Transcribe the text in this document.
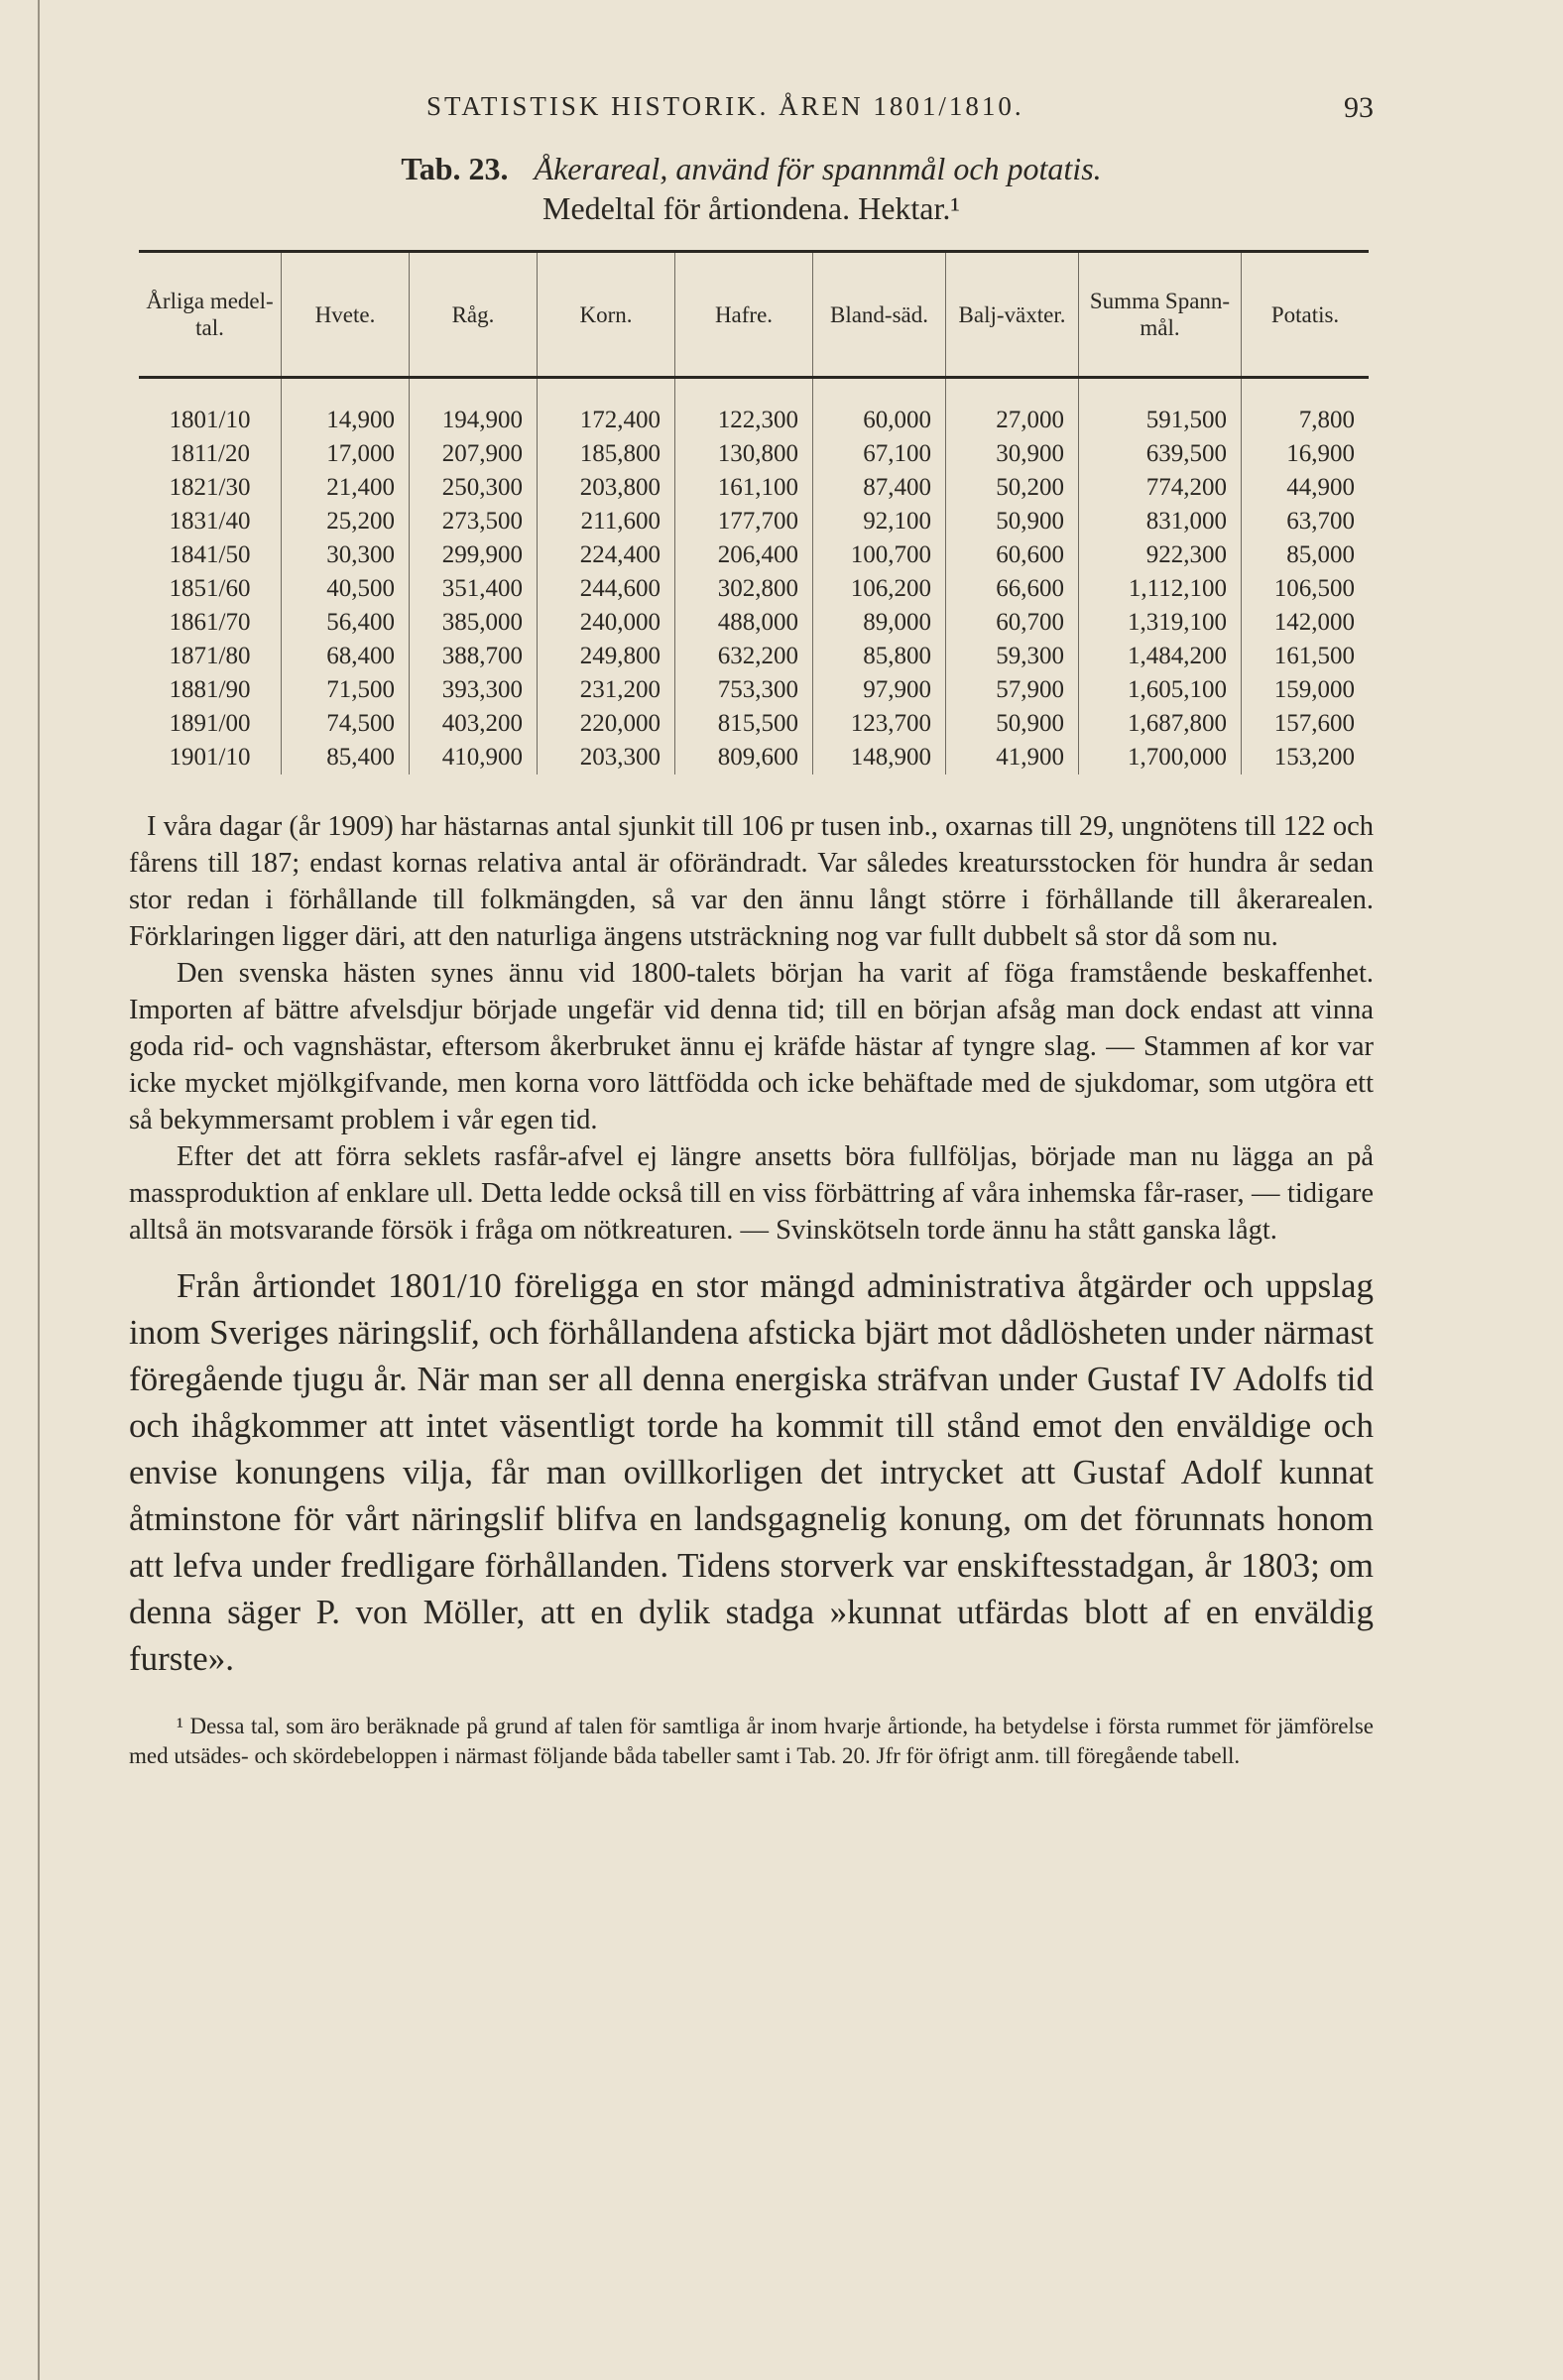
STATISTISK HISTORIK. ÅREN 1801/1810.	93
Tab. 23. Åkerareal, använd för spannmål och potatis.
Medeltal för årtiondena. Hektar.¹
Årliga medel-tal.	Hvete.	Råg.	Korn.	Hafre.	Bland-säd.	Balj-växter.	Summa Spann-mål.	Potatis.
1801/10	14,900	194,900	172,400	122,300	60,000	27,000	591,500	7,800
1811/20	17,000	207,900	185,800	130,800	67,100	30,900	639,500	16,900
1821/30	21,400	250,300	203,800	161,100	87,400	50,200	774,200	44,900
1831/40	25,200	273,500	211,600	177,700	92,100	50,900	831,000	63,700
1841/50	30,300	299,900	224,400	206,400	100,700	60,600	922,300	85,000
1851/60	40,500	351,400	244,600	302,800	106,200	66,600	1,112,100	106,500
1861/70	56,400	385,000	240,000	488,000	89,000	60,700	1,319,100	142,000
1871/80	68,400	388,700	249,800	632,200	85,800	59,300	1,484,200	161,500
1881/90	71,500	393,300	231,200	753,300	97,900	57,900	1,605,100	159,000
1891/00	74,500	403,200	220,000	815,500	123,700	50,900	1,687,800	157,600
1901/10	85,400	410,900	203,300	809,600	148,900	41,900	1,700,000	153,200

I våra dagar (år 1909) har hästarnas antal sjunkit till 106 pr tusen inb., oxarnas till 29, ungnötens till 122 och fårens till 187; endast kornas relativa antal är oförändradt. Var således kreatursstocken för hundra år sedan stor redan i förhållande till folkmängden, så var den ännu långt större i förhållande till åkerarealen. Förklaringen ligger däri, att den naturliga ängens utsträckning nog var fullt dubbelt så stor då som nu.

Den svenska hästen synes ännu vid 1800-talets början ha varit af föga framstående beskaffenhet. Importen af bättre afvelsdjur började ungefär vid denna tid; till en början afsåg man dock endast att vinna goda rid- och vagnshästar, eftersom åkerbruket ännu ej kräfde hästar af tyngre slag. — Stammen af kor var icke mycket mjölkgifvande, men korna voro lättfödda och icke behäftade med de sjukdomar, som utgöra ett så bekymmersamt problem i vår egen tid.

Efter det att förra seklets rasfår-afvel ej längre ansetts böra fullföljas, började man nu lägga an på massproduktion af enklare ull. Detta ledde också till en viss förbättring af våra inhemska får-raser, — tidigare alltså än motsvarande försök i fråga om nötkreaturen. — Svinskötseln torde ännu ha stått ganska lågt.

Från årtiondet 1801/10 föreligga en stor mängd administrativa åtgärder och uppslag inom Sveriges näringslif, och förhållandena afsticka bjärt mot dådlösheten under närmast föregående tjugu år. När man ser all denna energiska sträfvan under Gustaf IV Adolfs tid och ihågkommer att intet väsentligt torde ha kommit till stånd emot den enväldige och envise konungens vilja, får man ovillkorligen det intrycket att Gustaf Adolf kunnat åtminstone för vårt näringslif blifva en landsgagnelig konung, om det förunnats honom att lefva under fredligare förhållanden. Tidens storverk var enskiftesstadgan, år 1803; om denna säger P. von Möller, att en dylik stadga »kunnat utfärdas blott af en enväldig furste».

¹ Dessa tal, som äro beräknade på grund af talen för samtliga år inom hvarje årtionde, ha betydelse i första rummet för jämförelse med utsädes- och skördebeloppen i närmast följande båda tabeller samt i Tab. 20. Jfr för öfrigt anm. till föregående tabell.
